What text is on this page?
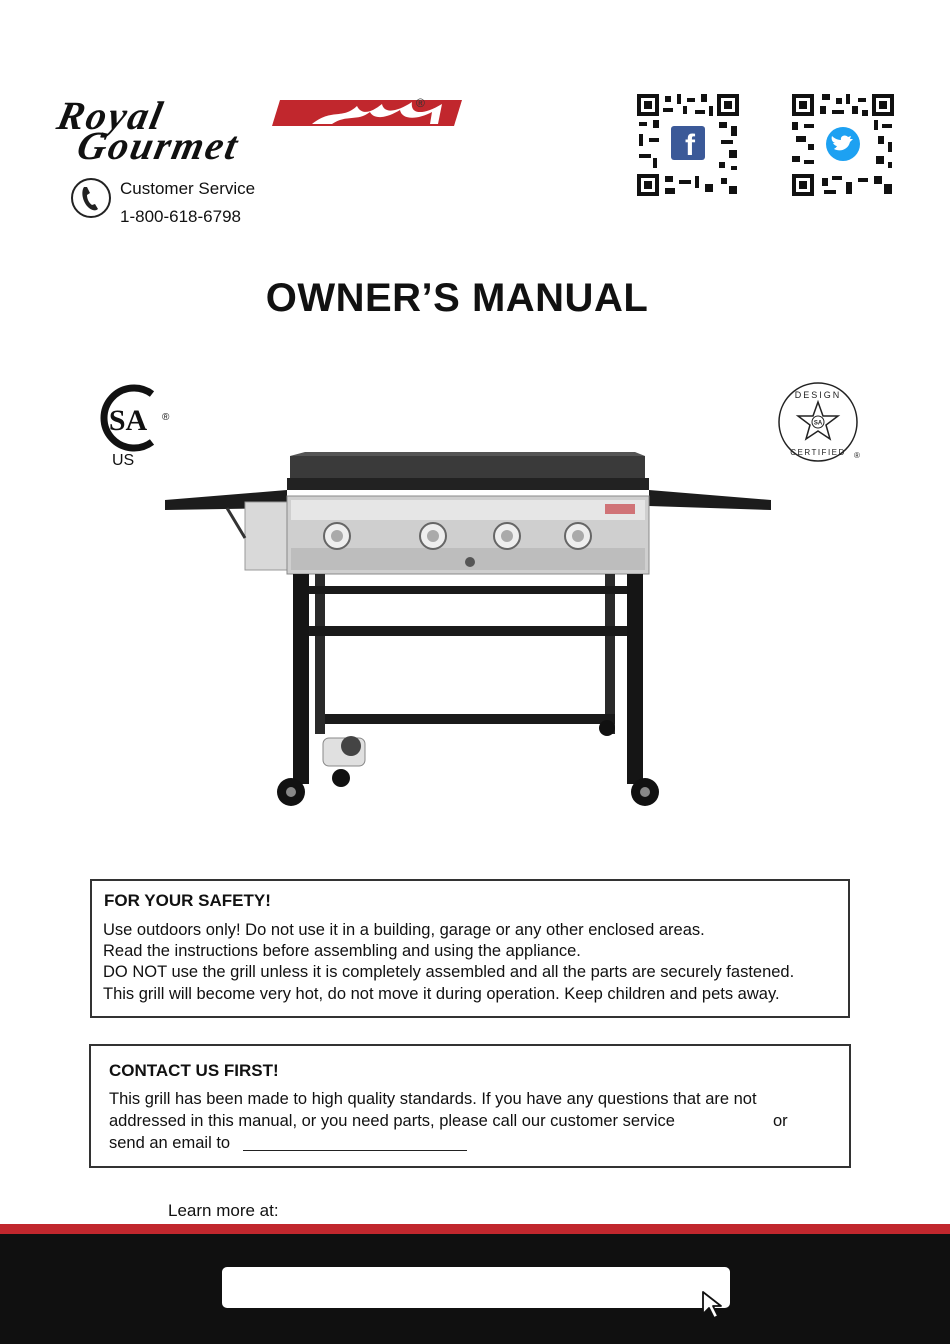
Royal
Gourmet
®
Customer Service
1-800-618-6798
f
OWNER’S MANUAL
SA ®
US
SA
DESIGN
CERTIFIED ®
FOR YOUR SAFETY!
Use outdoors only! Do not use it in a building, garage or any other enclosed areas.
Read the instructions before assembling and using the appliance.
DO NOT use the grill unless it is completely assembled and all the parts are securely fastened.
This grill will become very hot, do not move it during operation. Keep children and pets away.
CONTACT US FIRST!
This grill has been made to high quality standards. If you have any questions that are not
addressed in this manual, or you need parts, please call our customer service	or
send an email to
Learn more at:
